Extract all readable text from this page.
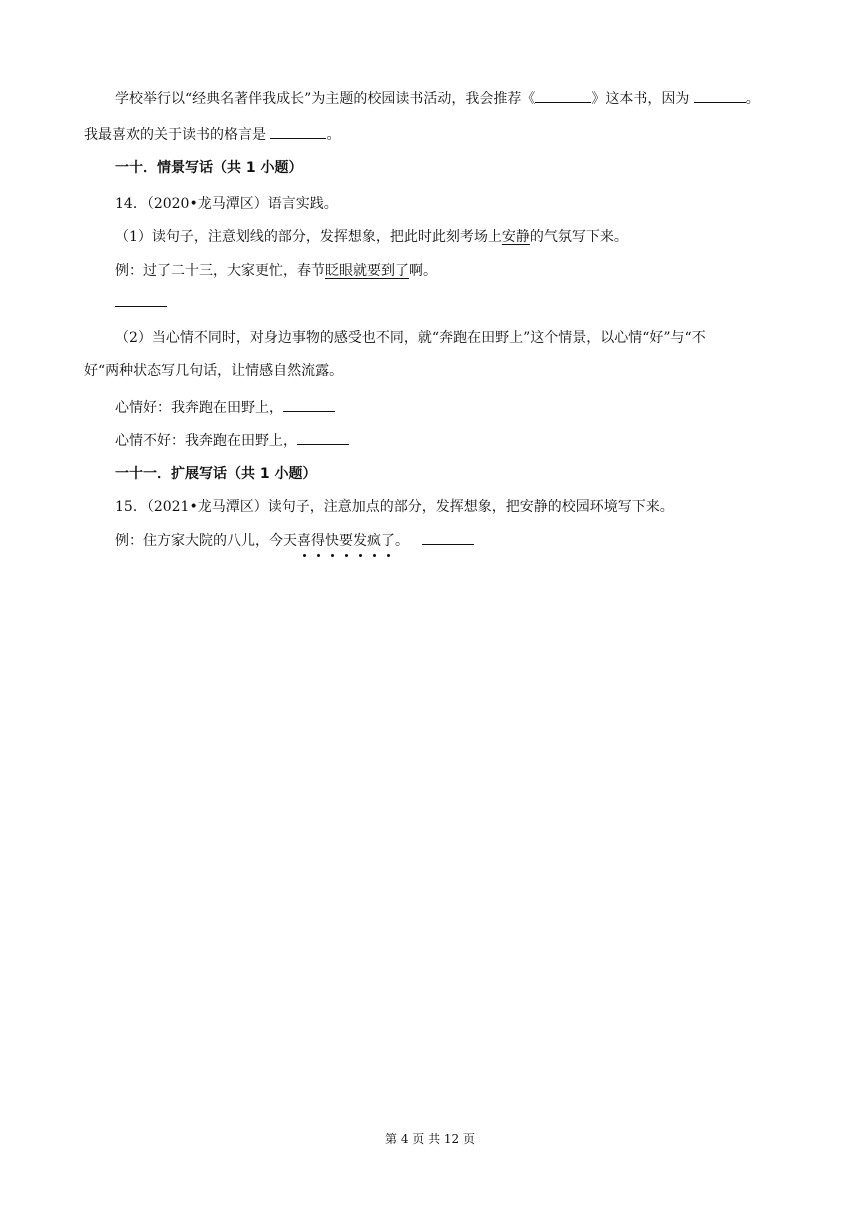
学校举行以“经典名著伴我成长”为主题的校园读书活动，我会推荐《	》这本书，因为	。
我最喜欢的关于读书的格言是	。
一十．情景写话（共 1 小题）
14．（2020•龙马潭区）语言实践。
（1）读句子，注意划线的部分，发挥想象，把此时此刻考场上安静的气氛写下来。
例：过了二十三，大家更忙，春节眨眼就要到了啊。
（2）当心情不同时，对身边事物的感受也不同，就“奔跑在田野上”这个情景，以心情“好”与“不
好“两种状态写几句话，让情感自然流露。
心情好：我奔跑在田野上，
心情不好：我奔跑在田野上，
一十一．扩展写话（共 1 小题）
15．（2021•龙马潭区）读句子，注意加点的部分，发挥想象，把安静的校园环境写下来。
例：住方家大院的八儿，今天喜得快要发疯了。
第 4 页 共 12 页
